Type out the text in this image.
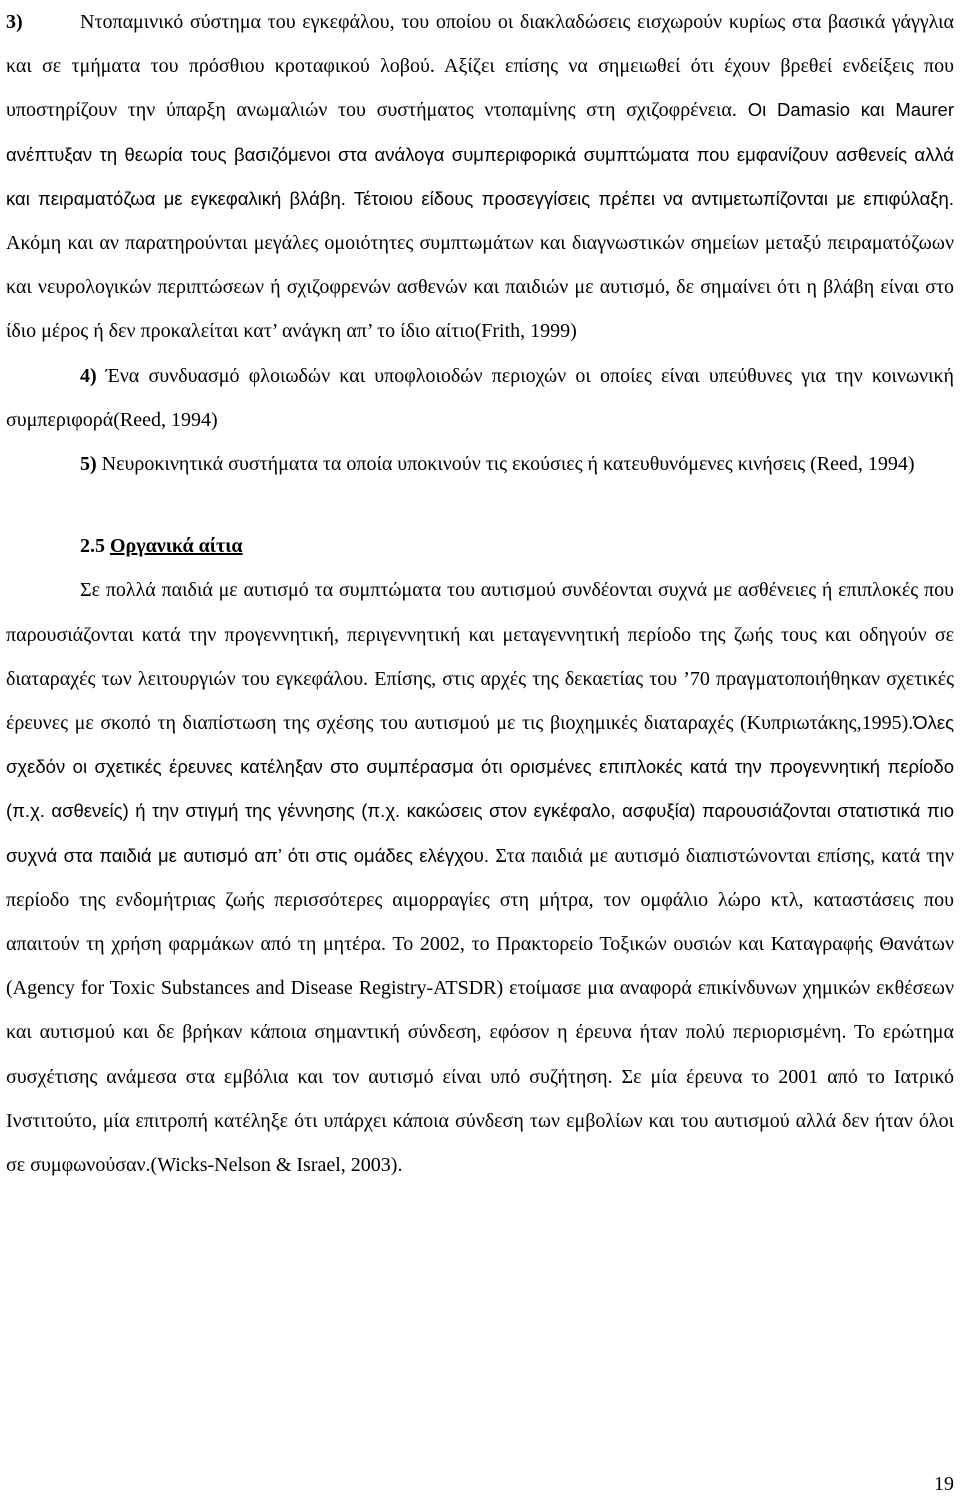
3)	Ντοπαμινικό σύστημα του εγκεφάλου, του οποίου οι διακλαδώσεις εισχωρούν κυρίως στα βασικά γάγγλια και σε τμήματα του πρόσθιου κροταφικού λοβού. Αξίζει επίσης να σημειωθεί ότι έχουν βρεθεί ενδείξεις που υποστηρίζουν την ύπαρξη ανωμαλιών του συστήματος ντοπαμίνης στη σχιζοφρένεια. Οι Damasio και Maurer ανέπτυξαν τη θεωρία τους βασιζόμενοι στα ανάλογα συμπεριφορικά συμπτώματα που εμφανίζουν ασθενείς αλλά και πειραματόζωα με εγκεφαλική βλάβη. Τέτοιου είδους προσεγγίσεις πρέπει να αντιμετωπίζονται με επιφύλαξη. Ακόμη και αν παρατηρούνται μεγάλες ομοιότητες συμπτωμάτων και διαγνωστικών σημείων μεταξύ πειραματόζωων και νευρολογικών περιπτώσεων ή σχιζοφρενών ασθενών και παιδιών με αυτισμό, δε σημαίνει ότι η βλάβη είναι στο ίδιο μέρος ή δεν προκαλείται κατ’ ανάγκη απ’ το ίδιο αίτιο(Frith, 1999)

4) Ένα συνδυασμό φλοιωδών και υποφλοιοδών περιοχών οι οποίες είναι υπεύθυνες για την κοινωνική συμπεριφορά(Reed, 1994)

5) Νευροκινητικά συστήματα τα οποία υποκινούν τις εκούσιες ή κατευθυνόμενες κινήσεις (Reed, 1994)

2.5 Οργανικά αίτια

Σε πολλά παιδιά με αυτισμό τα συμπτώματα του αυτισμού συνδέονται συχνά με ασθένειες ή επιπλοκές που παρουσιάζονται κατά την προγεννητική, περιγεννητική και μεταγεννητική περίοδο της ζωής τους και οδηγούν σε διαταραχές των λειτουργιών του εγκεφάλου. Επίσης, στις αρχές της δεκαετίας του ’70 πραγματοποιήθηκαν σχετικές έρευνες με σκοπό τη διαπίστωση της σχέσης του αυτισμού με τις βιοχημικές διαταραχές (Κυπριωτάκης,1995).Όλες σχεδόν οι σχετικές έρευνες κατέληξαν στο συμπέρασμα ότι ορισμένες επιπλοκές κατά την προγεννητική περίοδο (π.χ. ασθενείς) ή την στιγμή της γέννησης (π.χ. κακώσεις στον εγκέφαλο, ασφυξία) παρουσιάζονται στατιστικά πιο συχνά στα παιδιά με αυτισμό απ’ ότι στις ομάδες ελέγχου. Στα παιδιά με αυτισμό διαπιστώνονται επίσης, κατά την περίοδο της ενδομήτριας ζωής περισσότερες αιμορραγίες στη μήτρα, τον ομφάλιο λώρο κτλ, καταστάσεις που απαιτούν τη χρήση φαρμάκων από τη μητέρα. Το 2002, το Πρακτορείο Τοξικών ουσιών και Καταγραφής Θανάτων (Agency for Toxic Substances and Disease Registry-ATSDR) ετοίμασε μια αναφορά επικίνδυνων χημικών εκθέσεων και αυτισμού και δε βρήκαν κάποια σημαντική σύνδεση, εφόσον η έρευνα ήταν πολύ περιορισμένη. Το ερώτημα συσχέτισης ανάμεσα στα εμβόλια και τον αυτισμό είναι υπό συζήτηση. Σε μία έρευνα το 2001 από το Ιατρικό Ινστιτούτο, μία επιτροπή κατέληξε ότι υπάρχει κάποια σύνδεση των εμβολίων και του αυτισμού αλλά δεν ήταν όλοι σε συμφωνούσαν.(Wicks-Nelson & Israel, 2003).

19
